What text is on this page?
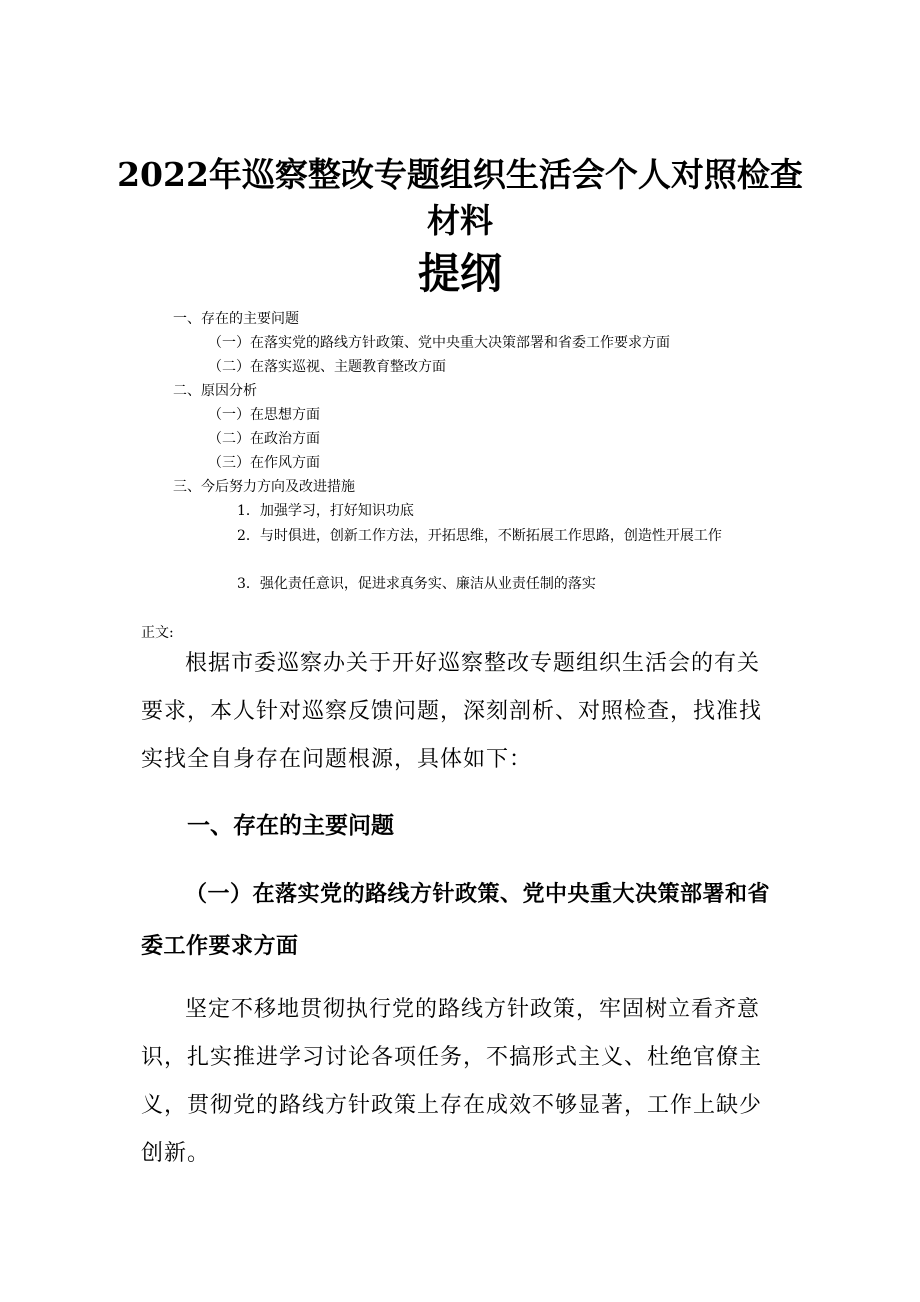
2022年巡察整改专题组织生活会个人对照检查
材料
提纲
一、存在的主要问题
（一）在落实党的路线方针政策、党中央重大决策部署和省委工作要求方面
（二）在落实巡视、主题教育整改方面
二、原因分析
（一）在思想方面
（二）在政治方面
（三）在作风方面
三、今后努力方向及改进措施
1．加强学习，打好知识功底
2．与时俱进，创新工作方法，开拓思维，不断拓展工作思路，创造性开展工作
3．强化责任意识，促进求真务实、廉洁从业责任制的落实
正文:
根据市委巡察办关于开好巡察整改专题组织生活会的有关要求，本人针对巡察反馈问题，深刻剖析、对照检查，找准找实找全自身存在问题根源，具体如下：
一、存在的主要问题
（一）在落实党的路线方针政策、党中央重大决策部署和省委工作要求方面
坚定不移地贯彻执行党的路线方针政策，牢固树立看齐意识，扎实推进学习讨论各项任务，不搞形式主义、杜绝官僚主义，贯彻党的路线方针政策上存在成效不够显著，工作上缺少创新。
